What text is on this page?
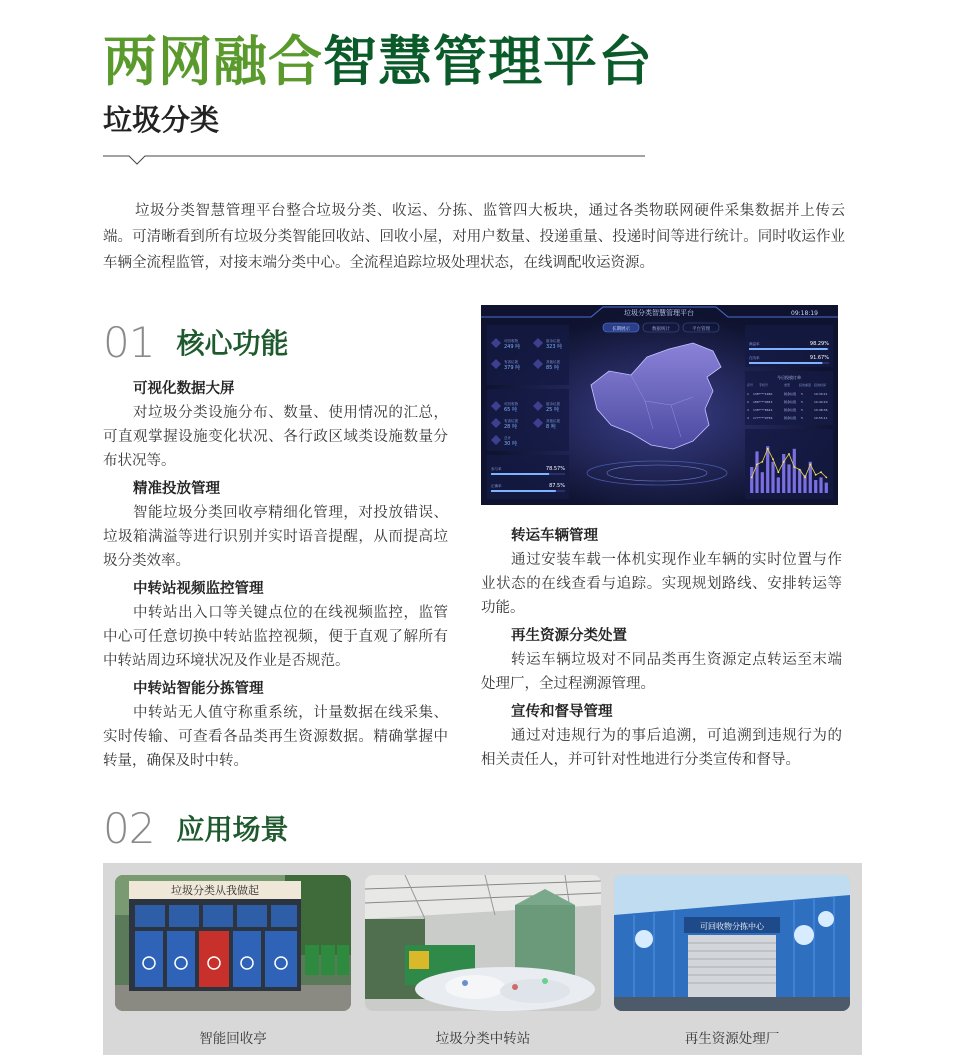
两网融合智慧管理平台
垃圾分类

垃圾分类智慧管理平台整合垃圾分类、收运、分拣、监管四大板块，通过各类物联网硬件采集数据并上传云端。可清晰看到所有垃圾分类智能回收站、回收小屋，对用户数量、投递重量、投递时间等进行统计。同时收运作业车辆全流程监管，对接末端分类中心。全流程追踪垃圾处理状态，在线调配收运资源。

01 核心功能

可视化数据大屏

对垃圾分类设施分布、数量、使用情况的汇总，可直观掌握设施变化状况、各行政区域类设施数量分布状况等。

精准投放管理

智能垃圾分类回收亭精细化管理，对投放错误、垃圾箱满溢等进行识别并实时语音提醒，从而提高垃圾分类效率。

中转站视频监控管理

中转站出入口等关键点位的在线视频监控，监管中心可任意切换中转站监控视频，便于直观了解所有中转站周边环境状况及作业是否规范。

中转站智能分拣管理

中转站无人值守称重系统，计量数据在线采集、实时传输、可查看各品类再生资源数据。精确掌握中转量，确保及时中转。

转运车辆管理

通过安装车载一体机实现作业车辆的实时位置与作业状态的在线查看与追踪。实现规划路线、安排转运等功能。

再生资源分类处置

转运车辆垃圾对不同品类再生资源定点转运至末端处理厂，全过程溯源管理。

宣传和督导管理

通过对违规行为的事后追溯，可追溯到违规行为的相关责任人，并可针对性地进行分类宣传和督导。

垃圾分类智慧管理平台	09:18:19
长期展示	数据统计	平台管理
可回收物
249 吨
厨余垃圾
323 吨
有害垃圾
379 吨
其他垃圾
85 吨
可回收物
65 吨
厨余垃圾
25 吨
有害垃圾
28 吨
其他垃圾
8 吨
总计
30 吨
参与率	78.57%
正确率	87.5%
满溢率	98.29%
在线率	91.67%
今日投放订单
序号 手机号	类型	投放重量 投放时间
1 138****1480	厨余垃圾 5	10:30:21
2 186****4653	厨余垃圾 5	10:40:20
3 138****6624	厨余垃圾 5	10:48:36
4 177****9756	厨余垃圾 5	10:55:11
02 应用场景
垃圾分类从我做起
智能回收亭	垃圾分类中转站
可回收物分拣中心
再生资源处理厂
